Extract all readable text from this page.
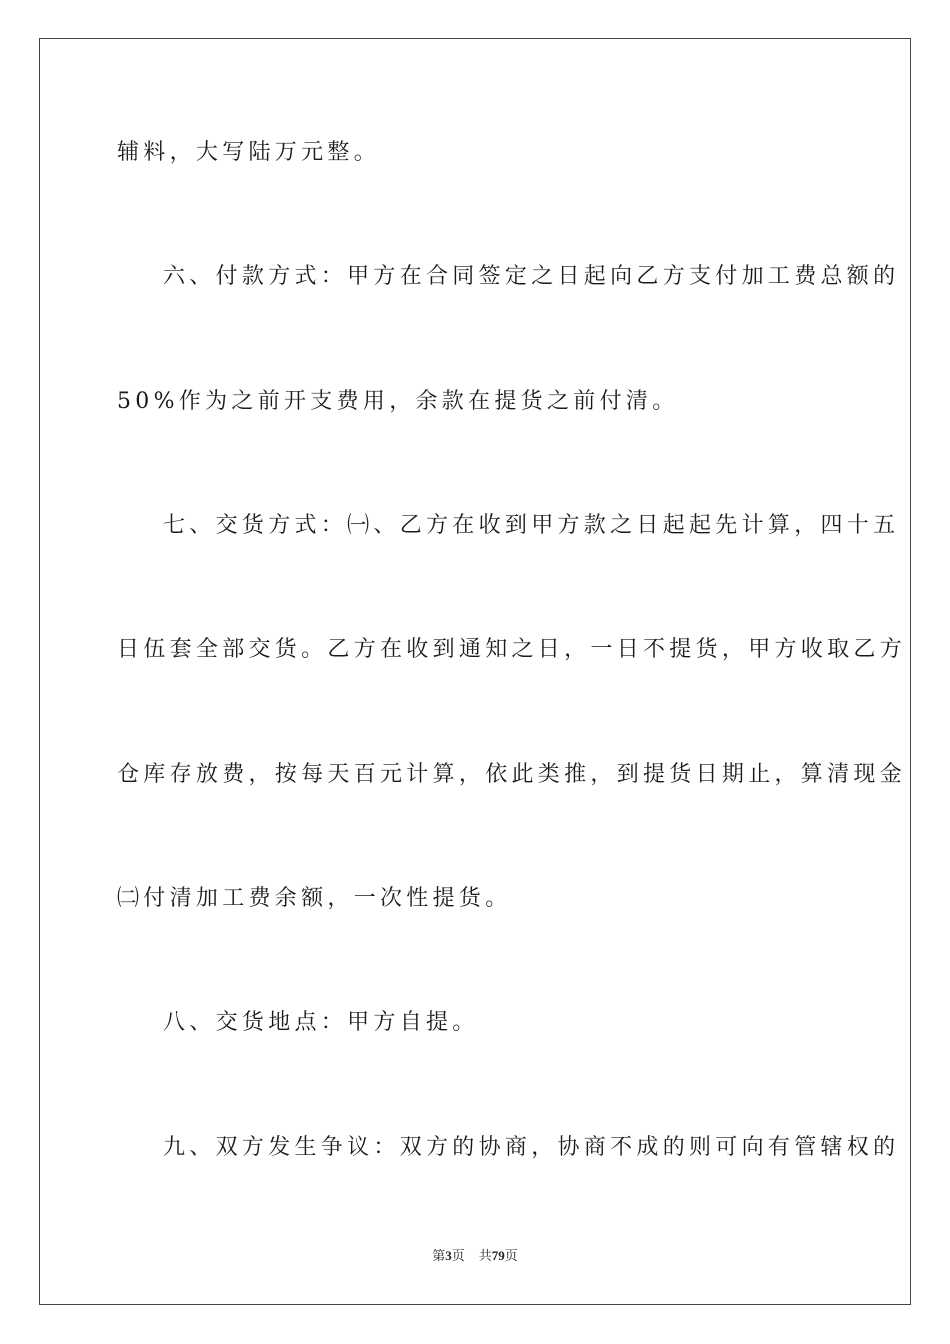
辅料，大写陆万元整。
六、付款方式：甲方在合同签定之日起向乙方支付加工费总额的
50%作为之前开支费用，余款在提货之前付清。
七、交货方式：㈠、乙方在收到甲方款之日起起先计算，四十五
日伍套全部交货。乙方在收到通知之日，一日不提货，甲方收取乙方
仓库存放费，按每天百元计算，依此类推，到提货日期止，算清现金
㈡付清加工费余额，一次性提货。
八、交货地点：甲方自提。
九、双方发生争议：双方的协商，协商不成的则可向有管辖权的
第3页 共79页
